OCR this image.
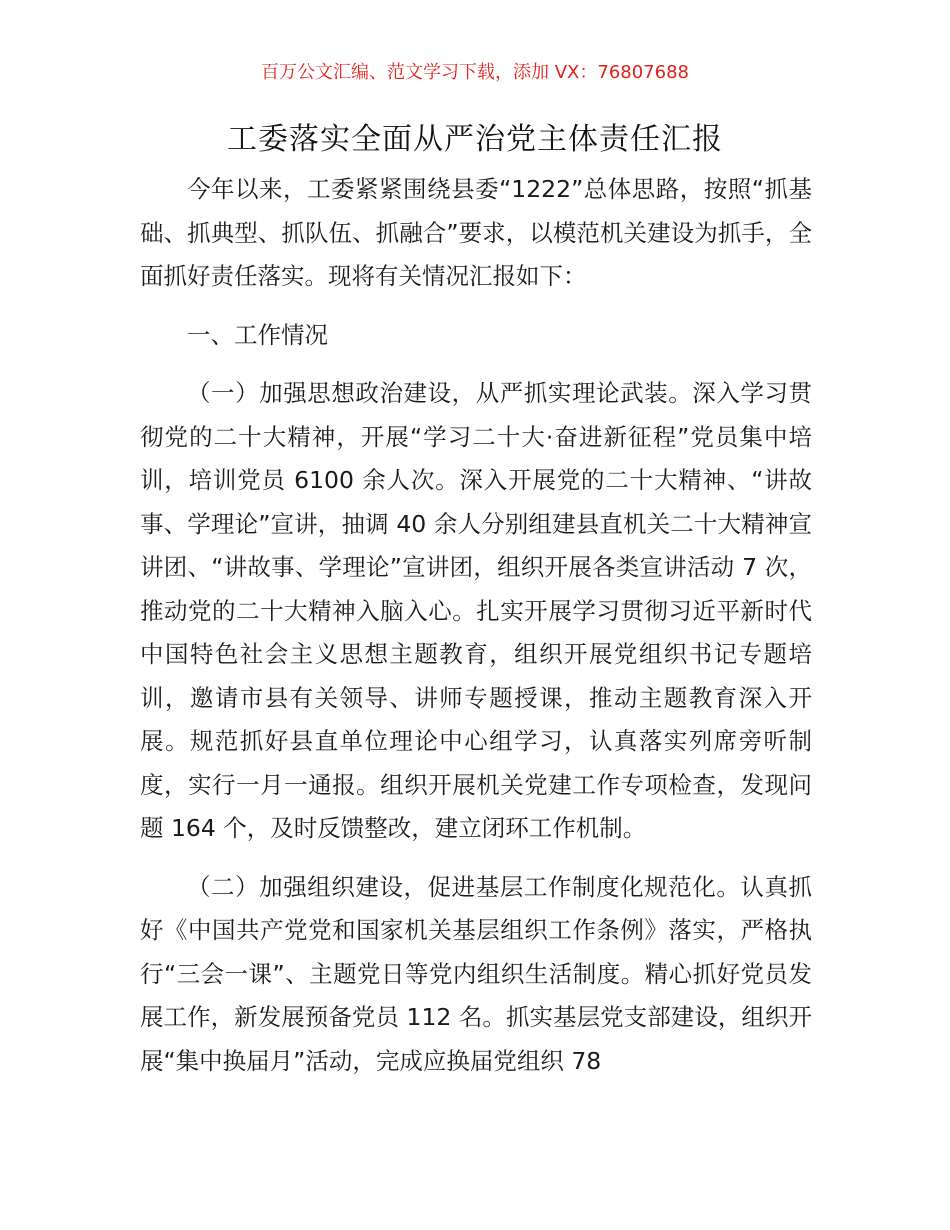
百万公文汇编、范文学习下载，添加 VX：76807688
工委落实全面从严治党主体责任汇报

今年以来，工委紧紧围绕县委“1222”总体思路，按照“抓基础、抓典型、抓队伍、抓融合”要求，以模范机关建设为抓手，全面抓好责任落实。现将有关情况汇报如下：

一、工作情况

（一）加强思想政治建设，从严抓实理论武装。深入学习贯彻党的二十大精神，开展“学习二十大·奋进新征程”党员集中培训，培训党员 6100 余人次。深入开展党的二十大精神、“讲故事、学理论”宣讲，抽调 40 余人分别组建县直机关二十大精神宣讲团、“讲故事、学理论”宣讲团，组织开展各类宣讲活动 7 次，推动党的二十大精神入脑入心。扎实开展学习贯彻习近平新时代中国特色社会主义思想主题教育，组织开展党组织书记专题培训，邀请市县有关领导、讲师专题授课，推动主题教育深入开展。规范抓好县直单位理论中心组学习，认真落实列席旁听制度，实行一月一通报。组织开展机关党建工作专项检查，发现问题 164 个，及时反馈整改，建立闭环工作机制。

（二）加强组织建设，促进基层工作制度化规范化。认真抓好《中国共产党党和国家机关基层组织工作条例》落实，严格执行“三会一课”、主题党日等党内组织生活制度。精心抓好党员发展工作，新发展预备党员 112 名。抓实基层党支部建设，组织开展“集中换届月”活动，完成应换届党组织 78
